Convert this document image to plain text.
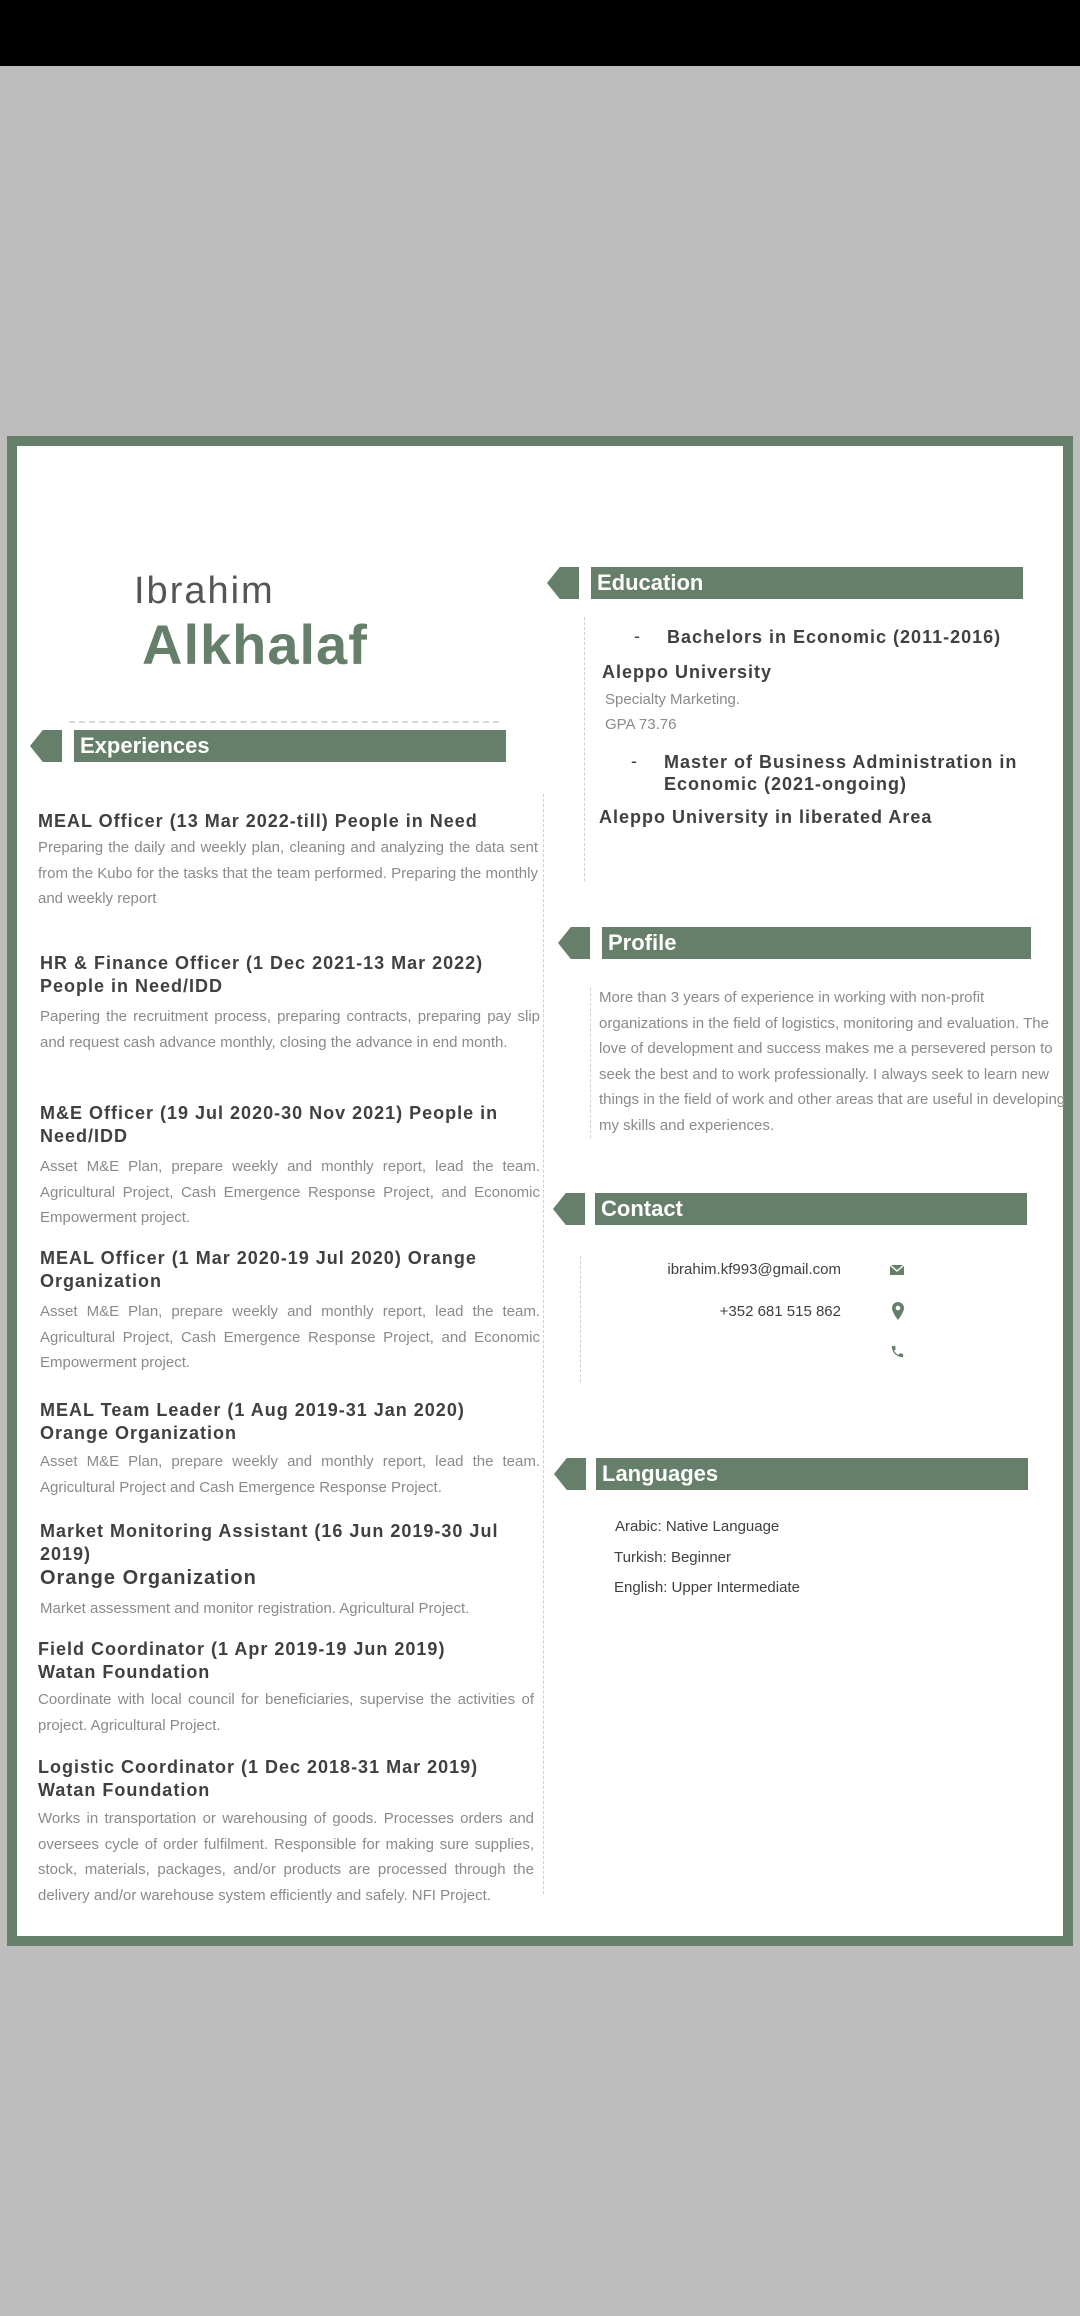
Ibrahim
Alkhalaf
Experiences
MEAL Officer (13 Mar 2022-till) People in Need
Preparing the daily and weekly plan, cleaning and analyzing the data sent from the Kubo for the tasks that the team performed. Preparing the monthly and weekly report
HR & Finance Officer (1 Dec 2021-13 Mar 2022) People in Need/IDD
Papering the recruitment process, preparing contracts, preparing pay slip and request cash advance monthly, closing the advance in end month.
M&E Officer (19 Jul 2020-30 Nov 2021) People in Need/IDD
Asset M&E Plan, prepare weekly and monthly report, lead the team. Agricultural Project, Cash Emergence Response Project, and Economic Empowerment project.
MEAL Officer (1 Mar 2020-19 Jul 2020) Orange Organization
Asset M&E Plan, prepare weekly and monthly report, lead the team. Agricultural Project, Cash Emergence Response Project, and Economic Empowerment project.
MEAL Team Leader (1 Aug 2019-31 Jan 2020) Orange Organization
Asset M&E Plan, prepare weekly and monthly report, lead the team. Agricultural Project and Cash Emergence Response Project.
Market Monitoring Assistant (16 Jun 2019-30 Jul 2019)
Orange Organization
Market assessment and monitor registration. Agricultural Project.
Field Coordinator (1 Apr 2019-19 Jun 2019) Watan Foundation
Coordinate with local council for beneficiaries, supervise the activities of project. Agricultural Project.
Logistic Coordinator (1 Dec 2018-31 Mar 2019) Watan Foundation
Works in transportation or warehousing of goods. Processes orders and oversees cycle of order fulfilment. Responsible for making sure supplies, stock, materials, packages, and/or products are processed through the delivery and/or warehouse system efficiently and safely. NFI Project.
Education
- Bachelors in Economic (2011-2016)
Aleppo University
Specialty Marketing.
GPA 73.76
- Master of Business Administration in Economic (2021-ongoing)
Aleppo University in liberated Area
Profile
More than 3 years of experience in working with non-profit organizations in the field of logistics, monitoring and evaluation. The love of development and success makes me a persevered person to seek the best and to work professionally. I always seek to learn new things in the field of work and other areas that are useful in developing my skills and experiences.
Contact
ibrahim.kf993@gmail.com
+352 681 515 862
Languages
Arabic: Native Language
Turkish: Beginner
English: Upper Intermediate
